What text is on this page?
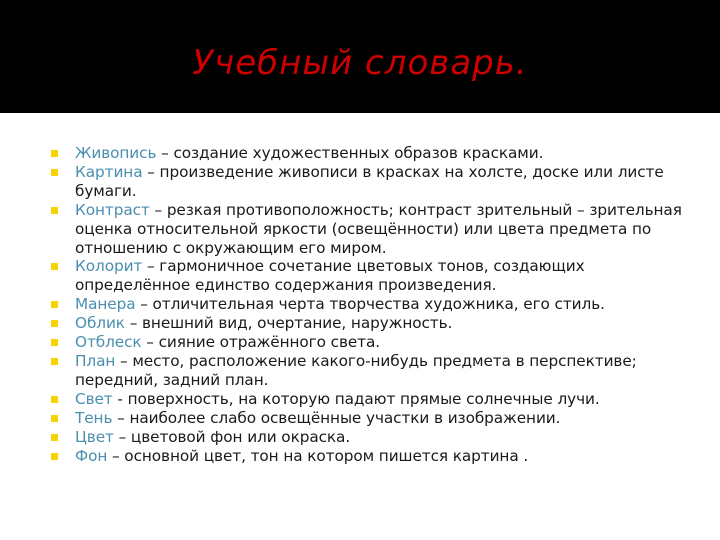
Учебный словарь.
Живопись – создание художественных образов красками.
Картина – произведение живописи в красках на холсте, доске или листе бумаги.
Контраст – резкая противоположность; контраст зрительный – зрительная оценка относительной яркости (освещённости) или цвета предмета по отношению с окружающим его миром.
Колорит – гармоничное сочетание цветовых тонов, создающих определённое единство содержания произведения.
Манера – отличительная черта творчества художника, его стиль.
Облик – внешний вид, очертание, наружность.
Отблеск – сияние отражённого света.
План – место, расположение какого-нибудь предмета в перспективе; передний, задний план.
Свет - поверхность, на которую падают прямые солнечные лучи.
Тень – наиболее слабо освещённые участки в изображении.
Цвет – цветовой фон или окраска.
Фон – основной цвет, тон на котором пишется картина .
